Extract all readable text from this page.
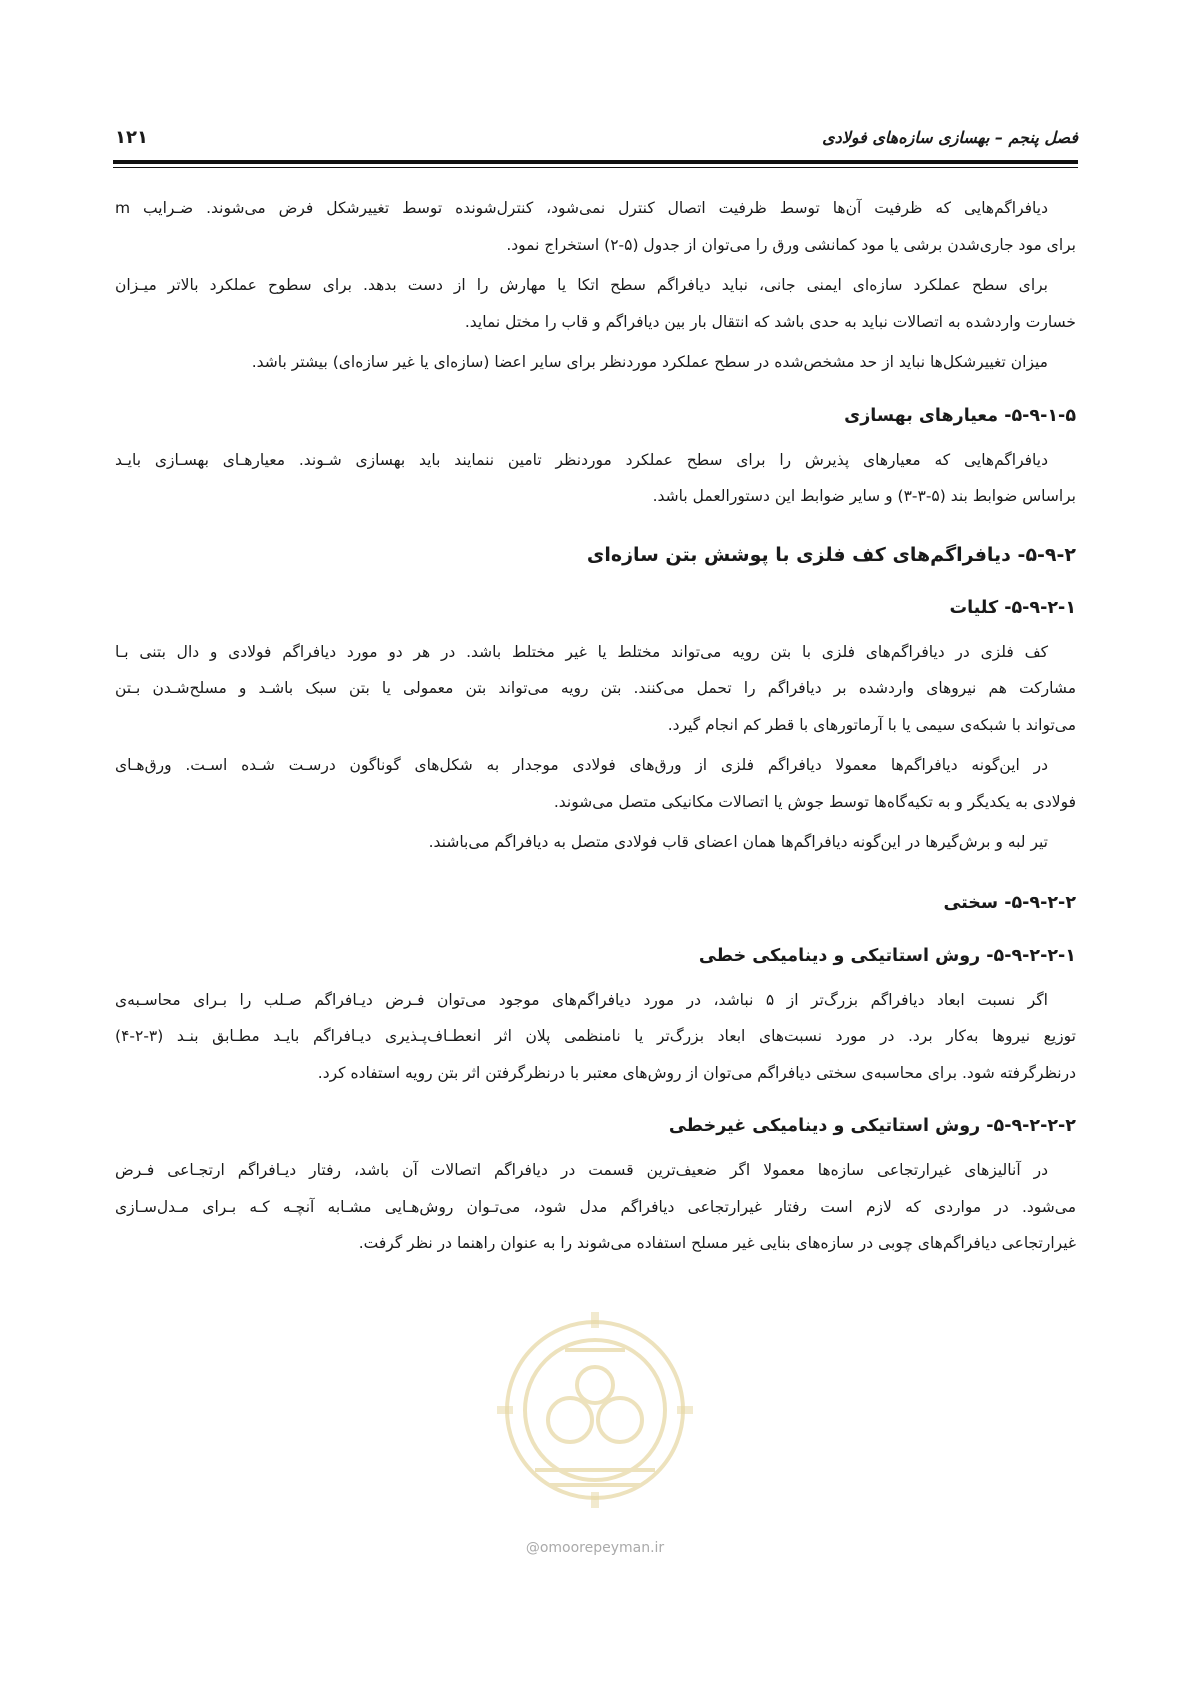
فصل پنجم – بهسازی سازه‌های فولادی
۱۲۱
دیافراگم‌هایی که ظرفیت آن‌ها توسط ظرفیت اتصال کنترل نمی‌شود، کنترل‌شونده توسط تغییرشکل فرض می‌شوند. ضـرایب m
برای مود جاری‌شدن برشی یا مود کمانشی ورق را می‌توان از جدول (۵-۲) استخراج نمود.
برای سطح عملکرد سازه‌ای ایمنی جانی، نباید دیافراگم سطح اتکا یا مهارش را از دست بدهد. برای سطوح عملکرد بالاتر میـزان
خسارت واردشده به اتصالات نباید به حدی باشد که انتقال بار بین دیافراگم و قاب را مختل نماید.
میزان تغییرشکل‌ها نباید از حد مشخص‌شده در سطح عملکرد موردنظر برای سایر اعضا (سازه‌ای یا غیر سازه‌ای) بیشتر باشد.
۵-۹-۱-۵- معیارهای بهسازی
دیافراگم‌هایی که معیارهای پذیرش را برای سطح عملکرد موردنظر تامین ننمایند باید بهسازی شـوند. معیارهـای بهسـازی بایـد
براساس ضوابط بند (۵-۳-۳) و سایر ضوابط این دستورالعمل باشد.
۵-۹-۲- دیافراگم‌های کف فلزی با پوشش بتن سازه‌ای
۵-۹-۲-۱- کلیات
کف فلزی در دیافراگم‌های فلزی با بتن رویه می‌تواند مختلط یا غیر مختلط باشد. در هر دو مورد دیافراگم فولادی و دال بتنی بـا
مشارکت هم نیروهای واردشده بر دیافراگم را تحمل می‌کنند. بتن رویه می‌تواند بتن معمولی یا بتن سبک باشـد و مسلح‌شـدن بـتن
می‌تواند با شبکه‌ی سیمی یا با آرماتورهای با قطر کم انجام گیرد.
در این‌گونه دیافراگم‌ها معمولا دیافراگم فلزی از ورق‌های فولادی موجدار به شکل‌های گوناگون درسـت شـده اسـت. ورق‌هـای
فولادی به یکدیگر و به تکیه‌گاه‌ها توسط جوش یا اتصالات مکانیکی متصل می‌شوند.
تیر لبه و برش‌گیرها در این‌گونه دیافراگم‌ها همان اعضای قاب فولادی متصل به دیافراگم می‌باشند.
۵-۹-۲-۲- سختی
۵-۹-۲-۲-۱- روش استاتیکی و دینامیکی خطی
اگر نسبت ابعاد دیافراگم بزرگ‌تر از ۵ نباشد، در مورد دیافراگم‌های موجود می‌توان فـرض دیـافراگم صـلب را بـرای محاسـبه‌ی
توزیع نیروها به‌کار برد. در مورد نسبت‌های ابعاد بزرگ‌تر یا نامنظمی پلان اثر انعطـاف‌پـذیری دیـافراگم بایـد مطـابق بنـد (۳-۲-۴)
درنظرگرفته شود. برای محاسبه‌ی سختی دیافراگم می‌توان از روش‌های معتبر با درنظرگرفتن اثر بتن رویه استفاده کرد.
۵-۹-۲-۲-۲- روش استاتیکی و دینامیکی غیرخطی
در آنالیزهای غیرارتجاعی سازه‌ها معمولا اگر ضعیف‌ترین قسمت در دیافراگم اتصالات آن باشد، رفتار دیـافراگم ارتجـاعی فـرض
می‌شود. در مواردی که لازم است رفتار غیرارتجاعی دیافراگم مدل شود، می‌تـوان روش‌هـایی مشـابه آنچـه کـه بـرای مـدل‌سـازی
غیرارتجاعی دیافراگم‌های چوبی در سازه‌های بنایی غیر مسلح استفاده می‌شوند را به عنوان راهنما در نظر گرفت.
@omoorepeyman.ir
